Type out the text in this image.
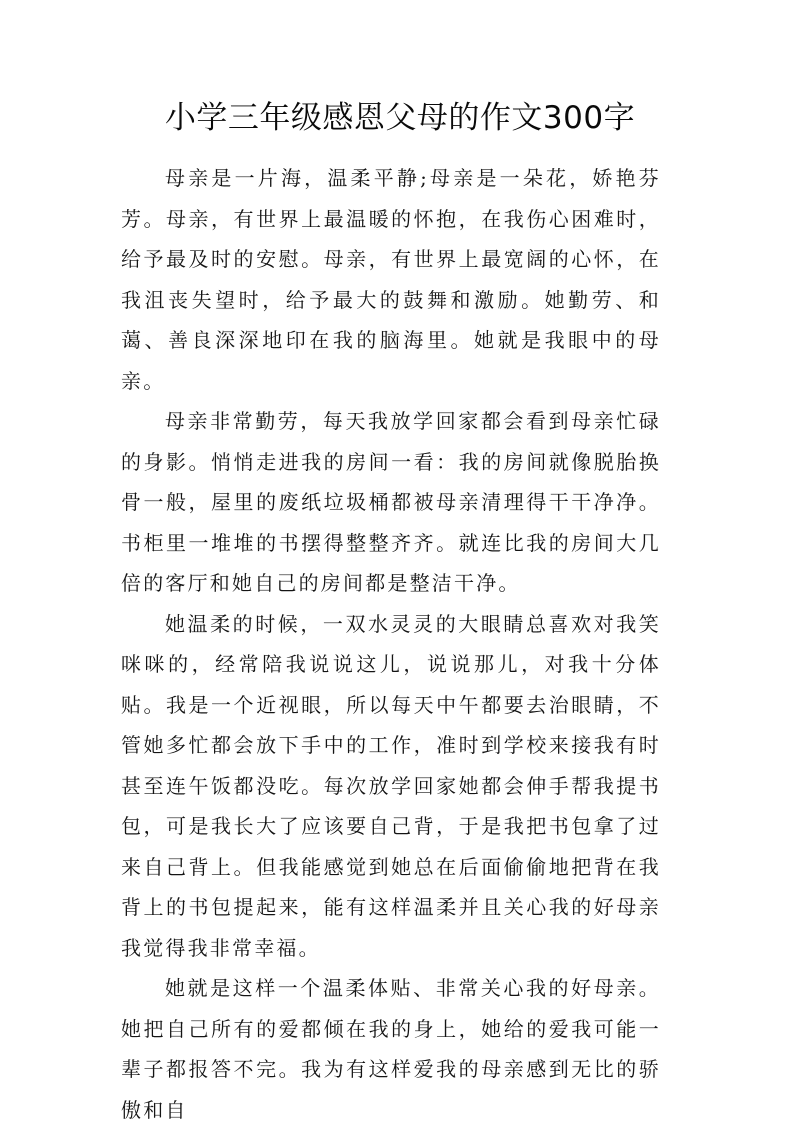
小学三年级感恩父母的作文300字

母亲是一片海，温柔平静;母亲是一朵花，娇艳芬芳。母亲，有世界上最温暖的怀抱，在我伤心困难时，给予最及时的安慰。母亲，有世界上最宽阔的心怀，在我沮丧失望时，给予最大的鼓舞和激励。她勤劳、和蔼、善良深深地印在我的脑海里。她就是我眼中的母亲。

母亲非常勤劳，每天我放学回家都会看到母亲忙碌的身影。悄悄走进我的房间一看：我的房间就像脱胎换骨一般，屋里的废纸垃圾桶都被母亲清理得干干净净。书柜里一堆堆的书摆得整整齐齐。就连比我的房间大几倍的客厅和她自己的房间都是整洁干净。

她温柔的时候，一双水灵灵的大眼睛总喜欢对我笑咪咪的，经常陪我说说这儿，说说那儿，对我十分体贴。我是一个近视眼，所以每天中午都要去治眼睛，不管她多忙都会放下手中的工作，准时到学校来接我有时甚至连午饭都没吃。每次放学回家她都会伸手帮我提书包，可是我长大了应该要自己背，于是我把书包拿了过来自己背上。但我能感觉到她总在后面偷偷地把背在我背上的书包提起来，能有这样温柔并且关心我的好母亲我觉得我非常幸福。

她就是这样一个温柔体贴、非常关心我的好母亲。她把自己所有的爱都倾在我的身上，她给的爱我可能一辈子都报答不完。我为有这样爱我的母亲感到无比的骄傲和自
